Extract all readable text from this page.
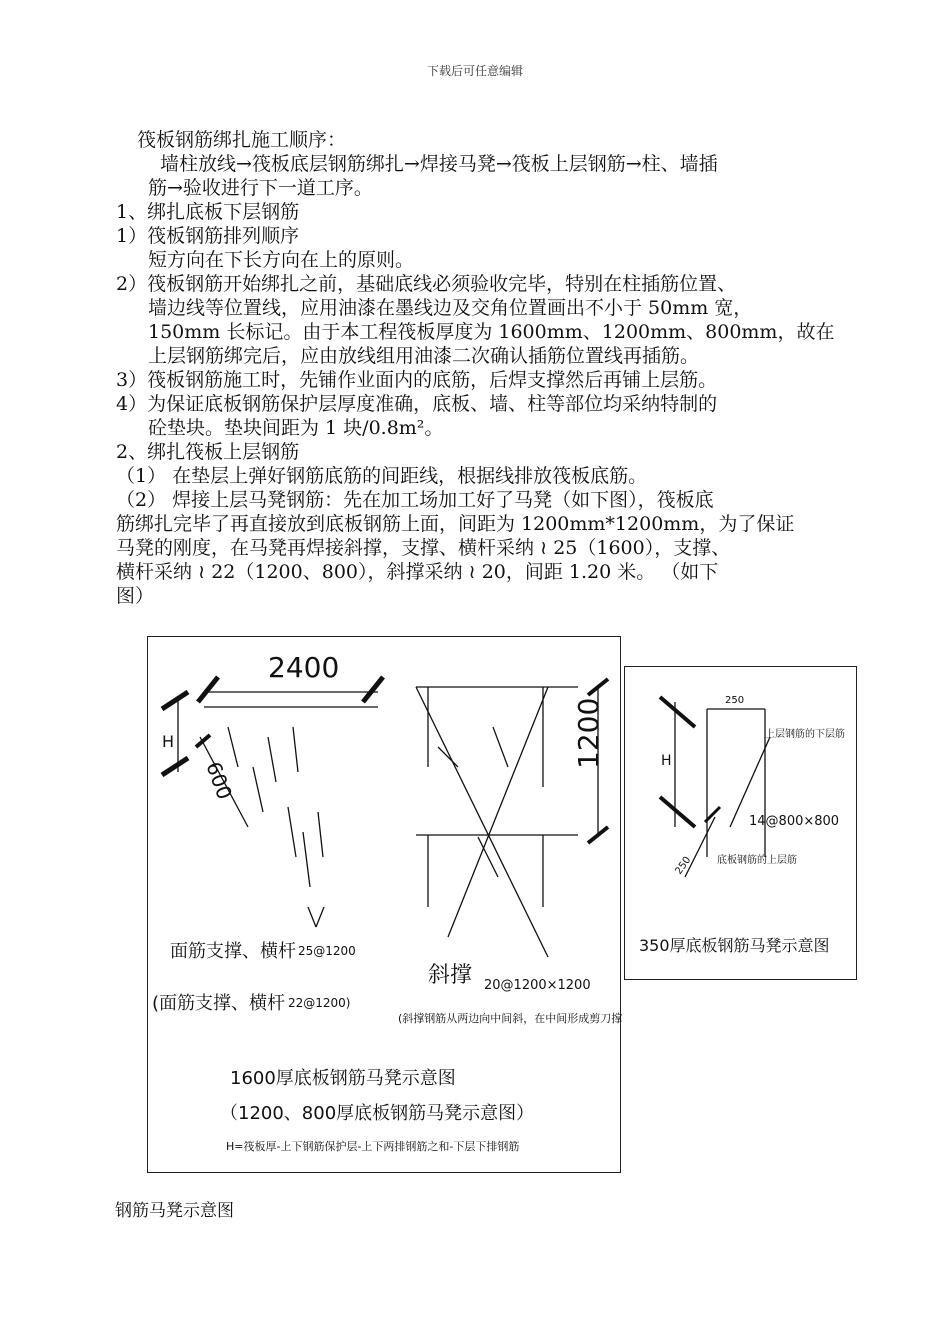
下载后可任意编辑
筏板钢筋绑扎施工顺序：
墙柱放线→筏板底层钢筋绑扎→焊接马凳→筏板上层钢筋→柱、墙插
筋→验收进行下一道工序。
1、绑扎底板下层钢筋
1）筏板钢筋排列顺序
短方向在下长方向在上的原则。
2）筏板钢筋开始绑扎之前，基础底线必须验收完毕，特别在柱插筋位置、
墙边线等位置线，应用油漆在墨线边及交角位置画出不小于 50mm 宽，
150mm 长标记。由于本工程筏板厚度为 1600mm、1200mm、800mm，故在
上层钢筋绑完后，应由放线组用油漆二次确认插筋位置线再插筋。
3）筏板钢筋施工时，先铺作业面内的底筋，后焊支撑然后再铺上层筋。
4）为保证底板钢筋保护层厚度准确，底板、墙、柱等部位均采纳特制的
砼垫块。垫块间距为 1 块/0.8m²。
2、绑扎筏板上层钢筋
（1） 在垫层上弹好钢筋底筋的间距线，根据线排放筏板底筋。
（2） 焊接上层马凳钢筋：先在加工场加工好了马凳（如下图），筏板底
筋绑扎完毕了再直接放到底板钢筋上面，间距为 1200mm*1200mm，为了保证
马凳的刚度，在马凳再焊接斜撑，支撑、横杆采纳 ≀ 25（1600），支撑、
横杆采纳 ≀ 22（1200、800），斜撑采纳 ≀ 20，间距 1.20 米。 （如下
图）
2400
H
600
1200
面筋支撑、横杆 25@1200
(面筋支撑、横杆 22@1200)
斜撑 20@1200×1200
(斜撑钢筋从两边向中间斜，在中间形成剪刀撑)
1600厚底板钢筋马凳示意图
（1200、800厚底板钢筋马凳示意图）
H=筏板厚-上下钢筋保护层-上下两排钢筋之和-下层下排钢筋
250
H
250
上层钢筋的下层筋
14@800×800
底板钢筋的上层筋
350厚底板钢筋马凳示意图
钢筋马凳示意图
